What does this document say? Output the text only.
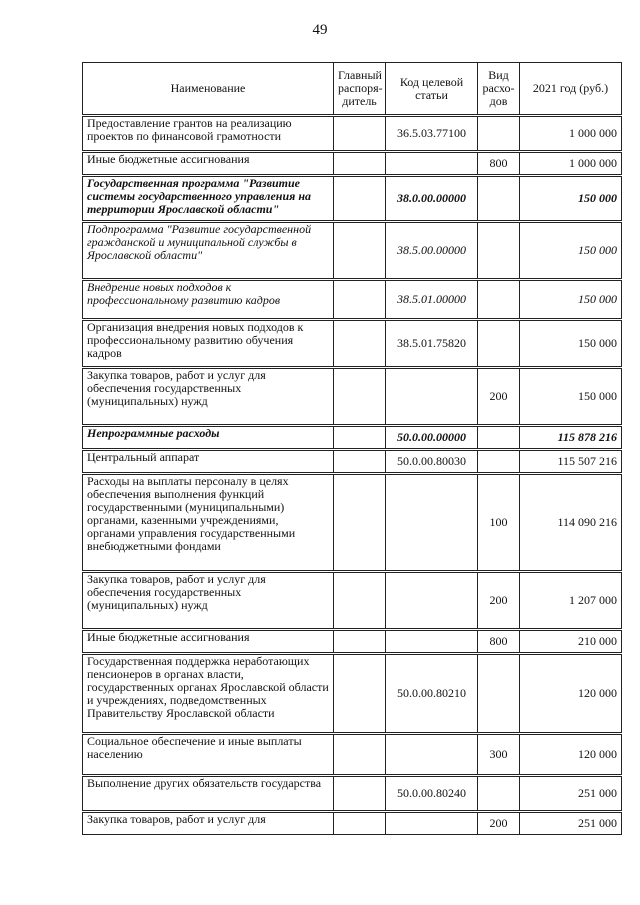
49
Наименование	Главный распоря-дитель	Код целевой статьи	Вид расхо-дов	2021 год (руб.)

Предоставление грантов на реализацию проектов по финансовой грамотности		36.5.03.77100		1 000 000

Иные бюджетные ассигнования			800	1 000 000

Государственная программа "Развитие системы государственного управления на территории Ярославской области"		38.0.00.00000		150 000

Подпрограмма "Развитие государственной гражданской и муниципальной службы в Ярославской области"		38.5.00.00000		150 000

Внедрение новых подходов к профессиональному развитию кадров		38.5.01.00000		150 000

Организация внедрения новых подходов к профессиональному развитию обучения кадров		38.5.01.75820		150 000

Закупка товаров, работ и услуг для обеспечения государственных (муниципальных) нужд			200	150 000

Непрограммные расходы		50.0.00.00000		115 878 216

Центральный аппарат		50.0.00.80030		115 507 216

Расходы на выплаты персоналу в целях обеспечения выполнения функций государственными (муниципальными) органами, казенными учреждениями, органами управления государственными внебюджетными фондами			100	114 090 216

Закупка товаров, работ и услуг для обеспечения государственных (муниципальных) нужд			200	1 207 000

Иные бюджетные ассигнования			800	210 000

Государственная поддержка неработающих пенсионеров в органах власти, государственных органах Ярославской области и учреждениях, подведомственных Правительству Ярославской области		50.0.00.80210		120 000

Социальное обеспечение и иные выплаты населению			300	120 000

Выполнение других обязательств государства		50.0.00.80240		251 000

Закупка товаров, работ и услуг для			200	251 000
